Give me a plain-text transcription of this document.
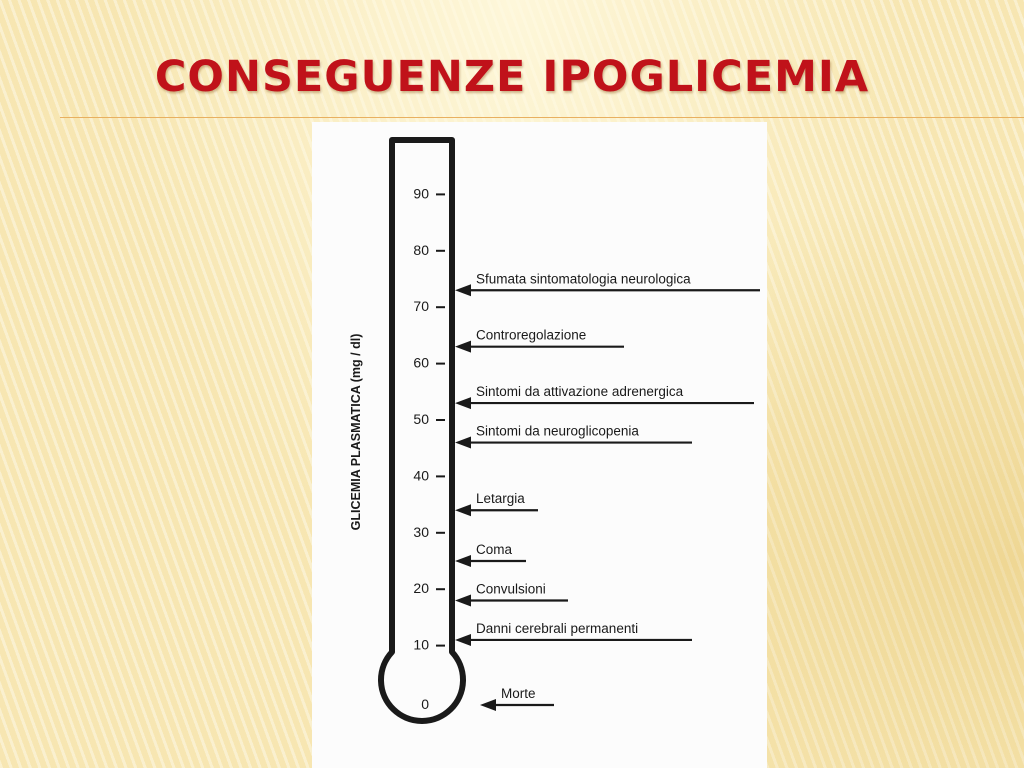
CONSEGUENZE IPOGLICEMIA
GLICEMIA PLASMATICA (mg / dl)
90
80
70
60
50
40
30
20
10
0
Sfumata sintomatologia neurologica
Controregolazione
Sintomi da attivazione adrenergica
Sintomi da neuroglicopenia
Letargia
Coma
Convulsioni
Danni cerebrali permanenti
Morte
